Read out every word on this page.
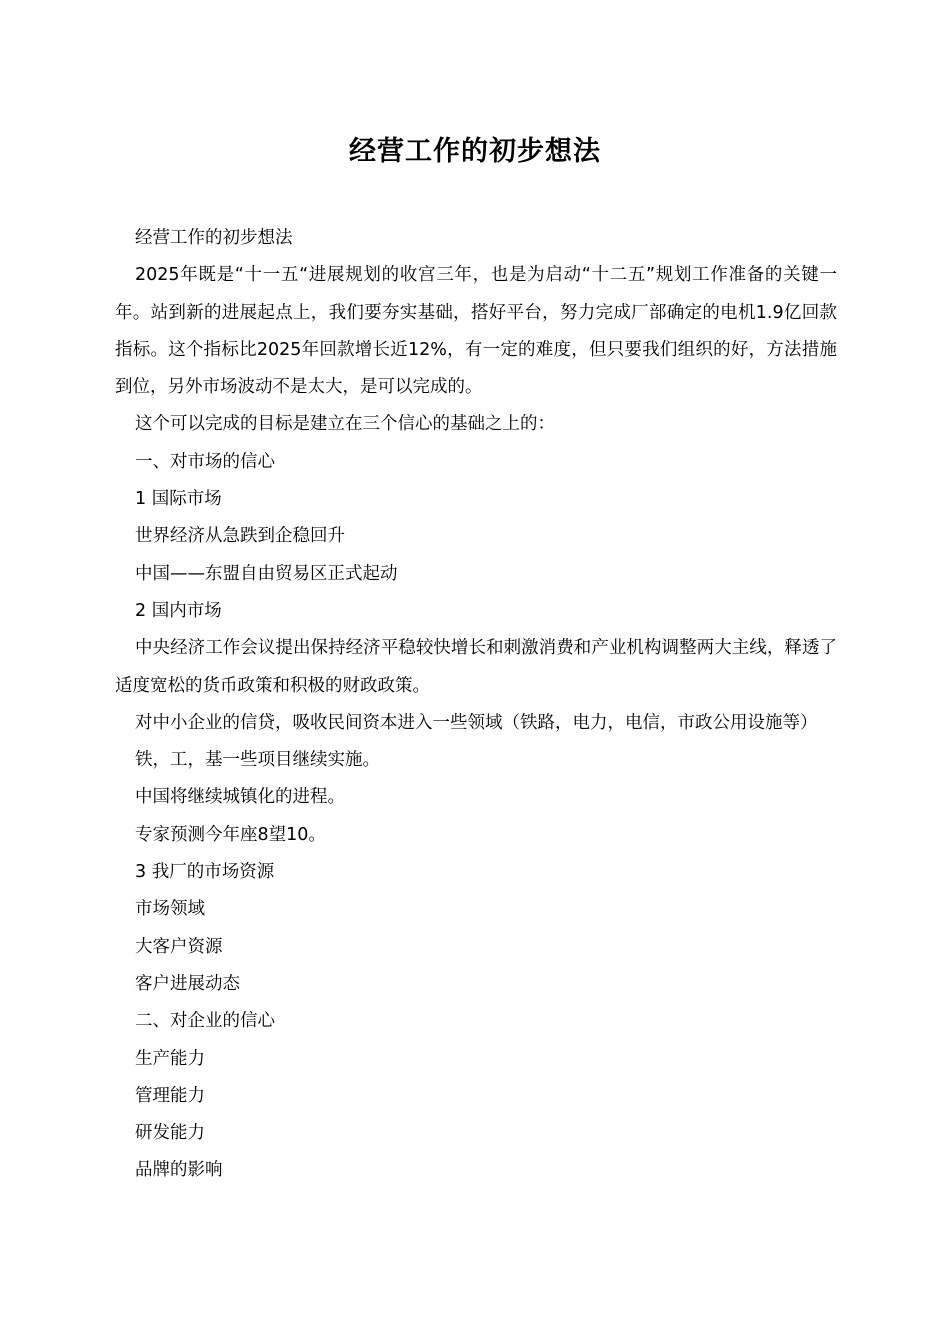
经营工作的初步想法

经营工作的初步想法

2025年既是“十一五“进展规划的收宫三年，也是为启动“十二五”规划工作准备的关键一年。站到新的进展起点上，我们要夯实基础，搭好平台，努力完成厂部确定的电机1.9亿回款指标。这个指标比2025年回款增长近12%，有一定的难度，但只要我们组织的好，方法措施到位，另外市场波动不是太大，是可以完成的。

这个可以完成的目标是建立在三个信心的基础之上的：

一、对市场的信心

1 国际市场

世界经济从急跌到企稳回升

中国——东盟自由贸易区正式起动

2 国内市场

中央经济工作会议提出保持经济平稳较快增长和刺激消费和产业机构调整两大主线，释透了适度宽松的货币政策和积极的财政政策。

对中小企业的信贷，吸收民间资本进入一些领域（铁路，电力，电信，市政公用设施等）

铁，工，基一些项目继续实施。

中国将继续城镇化的进程。

专家预测今年座8望10。

3 我厂的市场资源

市场领域

大客户资源

客户进展动态

二、对企业的信心

生产能力

管理能力

研发能力

品牌的影响
